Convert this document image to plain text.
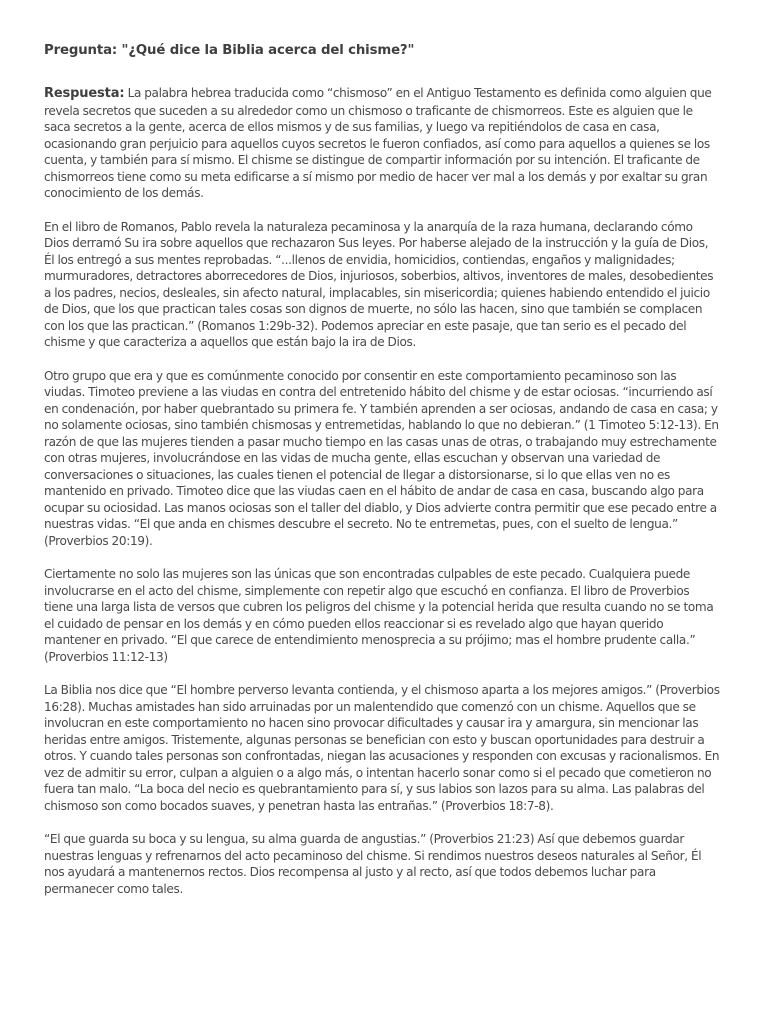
Pregunta: "¿Qué dice la Biblia acerca del chisme?"

Respuesta: La palabra hebrea traducida como “chismoso” en el Antiguo Testamento es definida como alguien que revela secretos que suceden a su alrededor como un chismoso o traficante de chismorreos. Este es alguien que le saca secretos a la gente, acerca de ellos mismos y de sus familias, y luego va repitiéndolos de casa en casa, ocasionando gran perjuicio para aquellos cuyos secretos le fueron confiados, así como para aquellos a quienes se los cuenta, y también para sí mismo. El chisme se distingue de compartir información por su intención. El traficante de chismorreos tiene como su meta edificarse a sí mismo por medio de hacer ver mal a los demás y por exaltar su gran conocimiento de los demás.

En el libro de Romanos, Pablo revela la naturaleza pecaminosa y la anarquía de la raza humana, declarando cómo Dios derramó Su ira sobre aquellos que rechazaron Sus leyes. Por haberse alejado de la instrucción y la guía de Dios, Él los entregó a sus mentes reprobadas. “...llenos de envidia, homicidios, contiendas, engaños y malignidades; murmuradores, detractores aborrecedores de Dios, injuriosos, soberbios, altivos, inventores de males, desobedientes a los padres, necios, desleales, sin afecto natural, implacables, sin misericordia; quienes habiendo entendido el juicio de Dios, que los que practican tales cosas son dignos de muerte, no sólo las hacen, sino que también se complacen con los que las practican.” (Romanos 1:29b-32). Podemos apreciar en este pasaje, que tan serio es el pecado del chisme y que caracteriza a aquellos que están bajo la ira de Dios.

Otro grupo que era y que es comúnmente conocido por consentir en este comportamiento pecaminoso son las viudas. Timoteo previene a las viudas en contra del entretenido hábito del chisme y de estar ociosas. “incurriendo así en condenación, por haber quebrantado su primera fe. Y también aprenden a ser ociosas, andando de casa en casa; y no solamente ociosas, sino también chismosas y entremetidas, hablando lo que no debieran.” (1 Timoteo 5:12-13). En razón de que las mujeres tienden a pasar mucho tiempo en las casas unas de otras, o trabajando muy estrechamente con otras mujeres, involucrándose en las vidas de mucha gente, ellas escuchan y observan una variedad de conversaciones o situaciones, las cuales tienen el potencial de llegar a distorsionarse, si lo que ellas ven no es mantenido en privado. Timoteo dice que las viudas caen en el hábito de andar de casa en casa, buscando algo para ocupar su ociosidad. Las manos ociosas son el taller del diablo, y Dios advierte contra permitir que ese pecado entre a nuestras vidas. “El que anda en chismes descubre el secreto. No te entremetas, pues, con el suelto de lengua.” (Proverbios 20:19).

Ciertamente no solo las mujeres son las únicas que son encontradas culpables de este pecado. Cualquiera puede involucrarse en el acto del chisme, simplemente con repetir algo que escuchó en confianza. El libro de Proverbios tiene una larga lista de versos que cubren los peligros del chisme y la potencial herida que resulta cuando no se toma el cuidado de pensar en los demás y en cómo pueden ellos reaccionar si es revelado algo que hayan querido mantener en privado. “El que carece de entendimiento menosprecia a su prójimo; mas el hombre prudente calla.” (Proverbios 11:12-13)

La Biblia nos dice que “El hombre perverso levanta contienda, y el chismoso aparta a los mejores amigos.” (Proverbios 16:28). Muchas amistades han sido arruinadas por un malentendido que comenzó con un chisme. Aquellos que se involucran en este comportamiento no hacen sino provocar dificultades y causar ira y amargura, sin mencionar las heridas entre amigos. Tristemente, algunas personas se benefician con esto y buscan oportunidades para destruir a otros. Y cuando tales personas son confrontadas, niegan las acusaciones y responden con excusas y racionalismos. En vez de admitir su error, culpan a alguien o a algo más, o intentan hacerlo sonar como si el pecado que cometieron no fuera tan malo. “La boca del necio es quebrantamiento para sí, y sus labios son lazos para su alma. Las palabras del chismoso son como bocados suaves, y penetran hasta las entrañas.” (Proverbios 18:7-8).

“El que guarda su boca y su lengua, su alma guarda de angustias.” (Proverbios 21:23) Así que debemos guardar nuestras lenguas y refrenarnos del acto pecaminoso del chisme. Si rendimos nuestros deseos naturales al Señor, Él nos ayudará a mantenernos rectos. Dios recompensa al justo y al recto, así que todos debemos luchar para permanecer como tales.
